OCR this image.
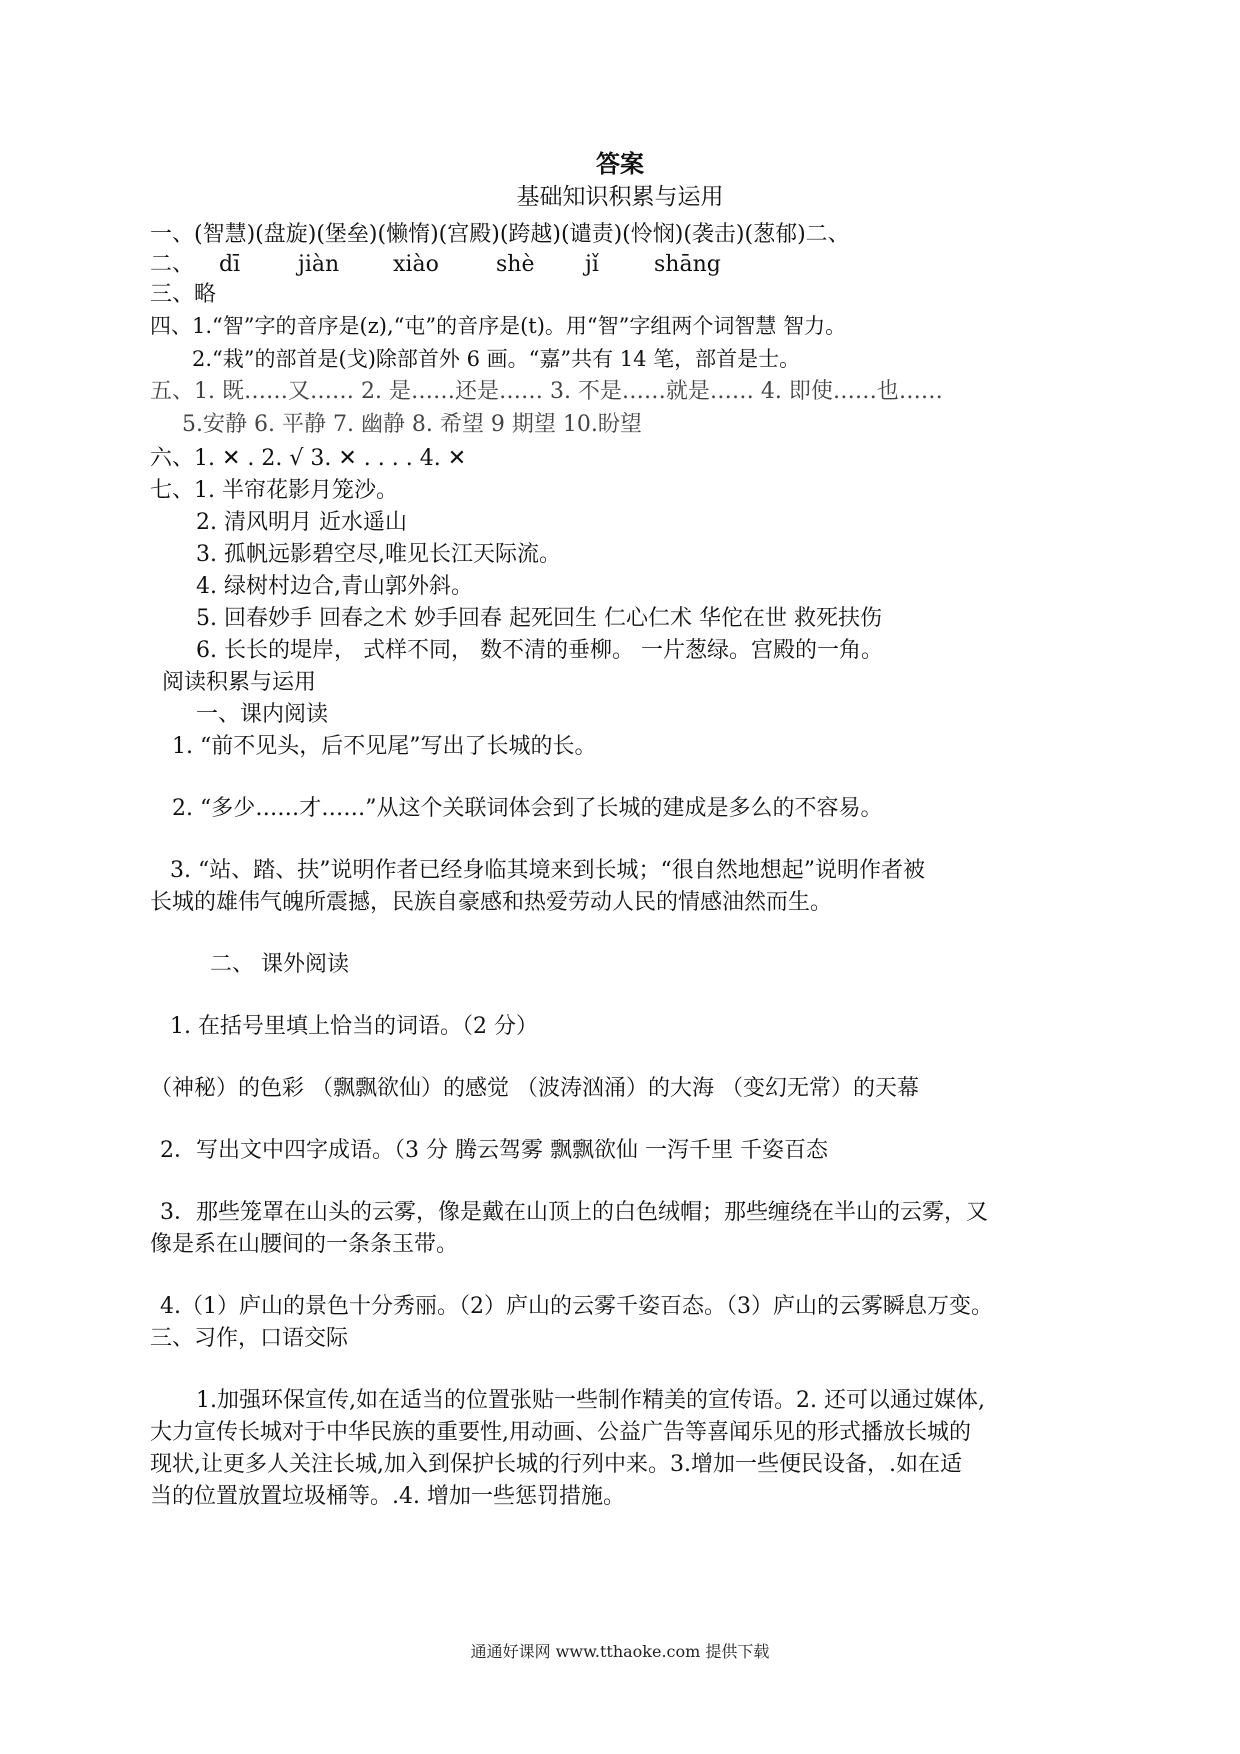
答案
基础知识积累与运用
一、(智慧)(盘旋)(堡垒)(懒惰)(宫殿)(跨越)(谴责)(怜悯)(袭击)(葱郁)二、
二、 dī	jiàn xiào	shè jǐ	shāng
三、略
四、1.“智”字的音序是(z),“屯”的音序是(t)。用“智”字组两个词智慧 智力。
2.“栽”的部首是(戈)除部首外 6 画。“嘉”共有 14 笔，部首是士。
五、1. 既……又…… 2. 是……还是…… 3. 不是……就是…… 4. 即使……也……
5.安静 6. 平静 7. 幽静 8. 希望 9 期望 10.盼望
六、1. ✕ . 2. √ 3. ✕ . . . . 4. ✕
七、1. 半帘花影月笼沙。
2. 清风明月 近水遥山
3. 孤帆远影碧空尽,唯见长江天际流。
4. 绿树村边合,青山郭外斜。
5. 回春妙手 回春之术 妙手回春 起死回生 仁心仁术 华佗在世 救死扶伤
6. 长长的堤岸， 式样不同， 数不清的垂柳。 一片葱绿。宫殿的一角。
阅读积累与运用
一、课内阅读
1. “前不见头，后不见尾”写出了长城的长。
2. “多少……才……”从这个关联词体会到了长城的建成是多么的不容易。
3. “站、踏、扶”说明作者已经身临其境来到长城；“很自然地想起”说明作者被
长城的雄伟气魄所震撼，民族自豪感和热爱劳动人民的情感油然而生。
二、 课外阅读
1. 在括号里填上恰当的词语。（2 分）
（神秘）的色彩 （飘飘欲仙）的感觉 （波涛汹涌）的大海 （变幻无常）的天幕
2．写出文中四字成语。（3 分 腾云驾雾 飘飘欲仙 一泻千里 千姿百态
3．那些笼罩在山头的云雾，像是戴在山顶上的白色绒帽；那些缠绕在半山的云雾，又
像是系在山腰间的一条条玉带。
4.（1）庐山的景色十分秀丽。（2）庐山的云雾千姿百态。（3）庐山的云雾瞬息万变。
三、习作，口语交际
1.加强环保宣传,如在适当的位置张贴一些制作精美的宣传语。2. 还可以通过媒体,
大力宣传长城对于中华民族的重要性,用动画、公益广告等喜闻乐见的形式播放长城的
现状,让更多人关注长城,加入到保护长城的行列中来。3.增加一些便民设备，.如在适
当的位置放置垃圾桶等。.4. 增加一些惩罚措施。
通通好课网 www.tthaoke.com 提供下载
